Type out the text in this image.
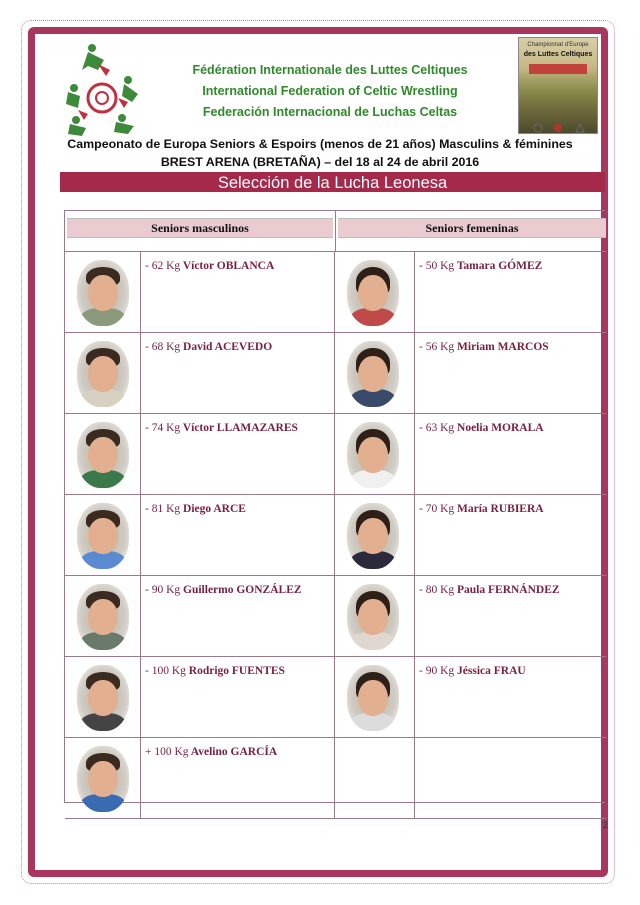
Fédération Internationale des Luttes Celtiques
International Federation of Celtic Wrestling
Federación Internacional de Luchas Celtas
Championnat d'Europe
des Luttes Celtiques
Campeonato de Europa Seniors & Espoirs (menos de 21 años) Masculins & féminines
BREST ARENA (BRETAÑA) – del 18 al 24 de abril 2016
Selección de la Lucha Leonesa
Seniors masculinos	Seniors femeninas
- 62 Kg Víctor OBLANCA	- 50 Kg Tamara GÓMEZ
- 68 Kg David ACEVEDO	- 56 Kg Miriam MARCOS
- 74 Kg Víctor LLAMAZARES	- 63 Kg Noelia MORALA
- 81 Kg Diego ARCE	- 70 Kg María RUBIERA
- 90 Kg Guillermo GONZÁLEZ	- 80 Kg Paula FERNÁNDEZ
- 100 Kg Rodrigo FUENTES	- 90 Kg Jéssica FRAU
+ 100 Kg Avelino GARCÍA
2
